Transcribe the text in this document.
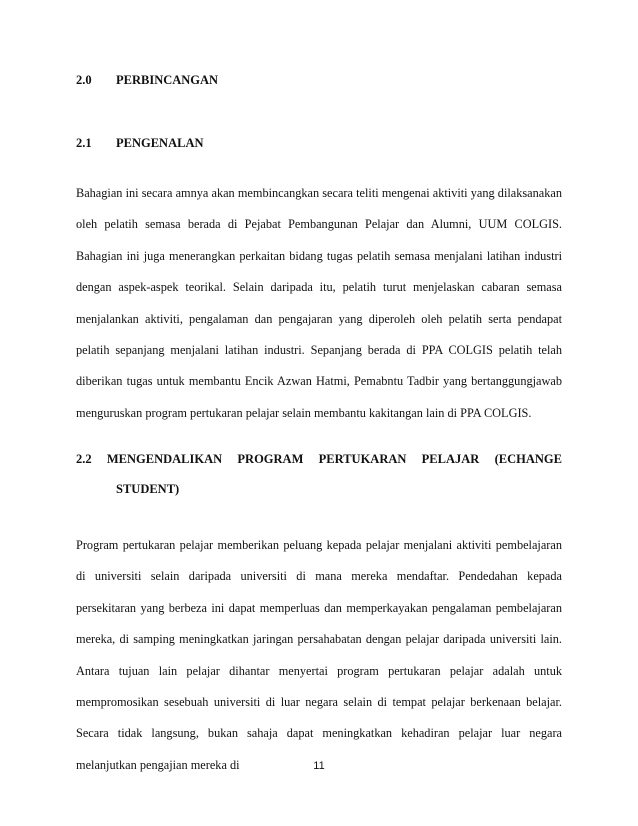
2.0 PERBINCANGAN
2.1 PENGENALAN

Bahagian ini secara amnya akan membincangkan secara teliti mengenai aktiviti yang dilaksanakan oleh pelatih semasa berada di Pejabat Pembangunan Pelajar dan Alumni, UUM COLGIS. Bahagian ini juga menerangkan perkaitan bidang tugas pelatih semasa menjalani latihan industri dengan aspek-aspek teorikal. Selain daripada itu, pelatih turut menjelaskan cabaran semasa menjalankan aktiviti, pengalaman dan pengajaran yang diperoleh oleh pelatih serta pendapat pelatih sepanjang menjalani latihan industri. Sepanjang berada di PPA COLGIS pelatih telah diberikan tugas untuk membantu Encik Azwan Hatmi, Pemabntu Tadbir yang bertanggungjawab menguruskan program pertukaran pelajar selain membantu kakitangan lain di PPA COLGIS.

2.2 MENGENDALIKAN PROGRAM PERTUKARAN PELAJAR (ECHANGE
STUDENT)

Program pertukaran pelajar memberikan peluang kepada pelajar menjalani aktiviti pembelajaran di universiti selain daripada universiti di mana mereka mendaftar. Pendedahan kepada persekitaran yang berbeza ini dapat memperluas dan memperkayakan pengalaman pembelajaran mereka, di samping meningkatkan jaringan persahabatan dengan pelajar daripada universiti lain. Antara tujuan lain pelajar dihantar menyertai program pertukaran pelajar adalah untuk mempromosikan sesebuah universiti di luar negara selain di tempat pelajar berkenaan belajar. Secara tidak langsung, bukan sahaja dapat meningkatkan kehadiran pelajar luar negara melanjutkan pengajian mereka di	11
